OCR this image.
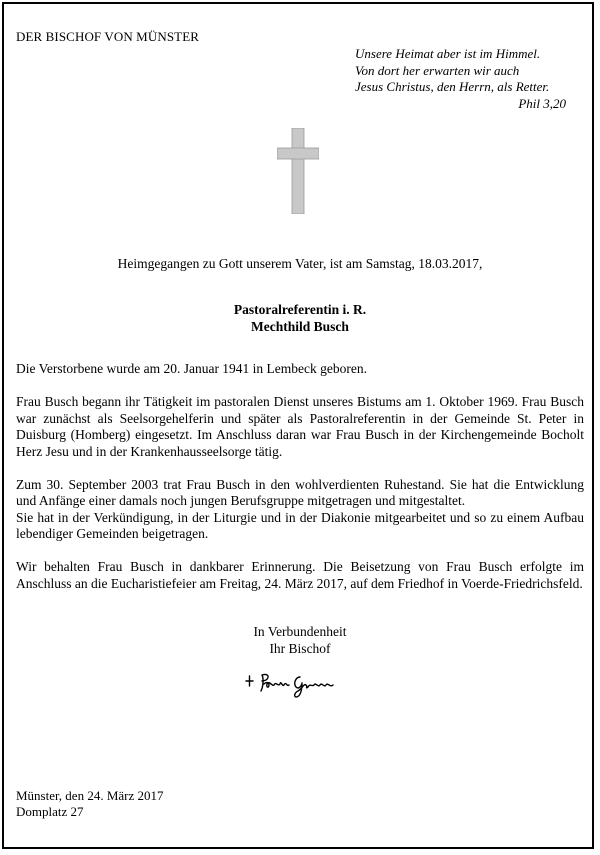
DER BISCHOF VON MÜNSTER
Unsere Heimat aber ist im Himmel.
Von dort her erwarten wir auch
Jesus Christus, den Herrn, als Retter.
Phil 3,20
Heimgegangen zu Gott unserem Vater, ist am Samstag, 18.03.2017,
Pastoralreferentin i. R.
Mechthild Busch

Die Verstorbene wurde am 20. Januar 1941 in Lembeck geboren.

Frau Busch begann ihr Tätigkeit im pastoralen Dienst unseres Bistums am 1. Oktober 1969. Frau Busch war zunächst als Seelsorgehelferin und später als Pastoralreferentin in der Gemeinde St. Peter in Duisburg (Homberg) eingesetzt. Im Anschluss daran war Frau Busch in der Kirchengemeinde Bocholt Herz Jesu und in der Krankenhausseelsorge tätig.

Zum 30. September 2003 trat Frau Busch in den wohlverdienten Ruhestand. Sie hat die Entwicklung und Anfänge einer damals noch jungen Berufsgruppe mitgetragen und mitgestaltet.
Sie hat in der Verkündigung, in der Liturgie und in der Diakonie mitgearbeitet und so zu einem Aufbau lebendiger Gemeinden beigetragen.

Wir behalten Frau Busch in dankbarer Erinnerung. Die Beisetzung von Frau Busch erfolgte im Anschluss an die Eucharistiefeier am Freitag, 24. März 2017, auf dem Friedhof in Voerde-Friedrichsfeld.

In Verbundenheit
Ihr Bischof
Münster, den 24. März 2017
Domplatz 27
